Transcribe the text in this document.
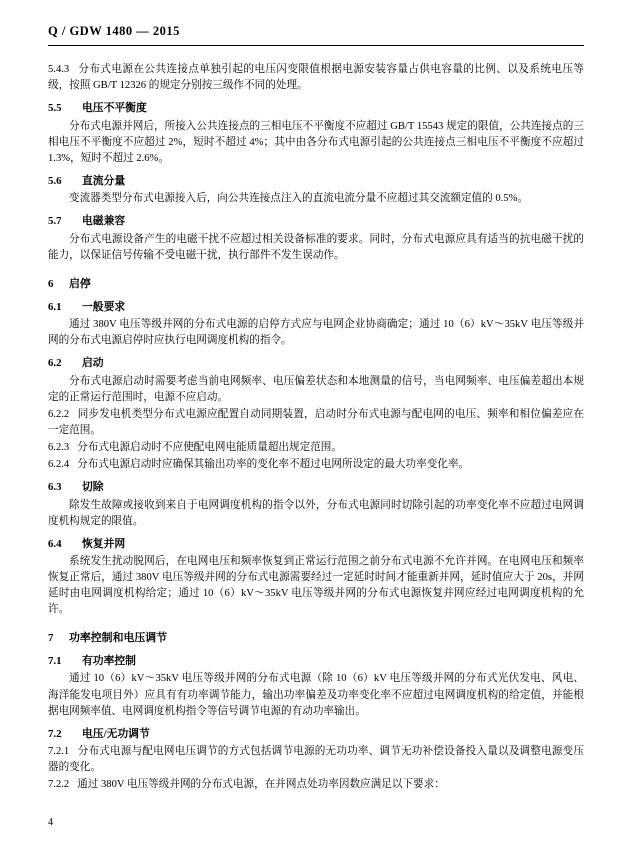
Q / GDW 1480 — 2015

5.4.3 分布式电源在公共连接点单独引起的电压闪变限值根据电源安装容量占供电容量的比例、以及系统电压等级，按照 GB/T 12326 的规定分别按三级作不同的处理。

5.5 电压不平衡度

分布式电源并网后，所接入公共连接点的三相电压不平衡度不应超过 GB/T 15543 规定的限值，公共连接点的三相电压不平衡度不应超过 2%，短时不超过 4%；其中由各分布式电源引起的公共连接点三相电压不平衡度不应超过 1.3%，短时不超过 2.6%。

5.6 直流分量

变流器类型分布式电源接入后，向公共连接点注入的直流电流分量不应超过其交流额定值的 0.5%。

5.7 电磁兼容

分布式电源设备产生的电磁干扰不应超过相关设备标准的要求。同时，分布式电源应具有适当的抗电磁干扰的能力，以保证信号传输不受电磁干扰，执行部件不发生误动作。

6 启停
6.1 一般要求

通过 380V 电压等级并网的分布式电源的启停方式应与电网企业协商确定；通过 10（6）kV～35kV 电压等级并网的分布式电源启停时应执行电网调度机构的指令。

6.2 启动

分布式电源启动时需要考虑当前电网频率、电压偏差状态和本地测量的信号，当电网频率、电压偏差超出本规定的正常运行范围时，电源不应启动。

6.2.2 同步发电机类型分布式电源应配置自动同期装置，启动时分布式电源与配电网的电压、频率和相位偏差应在一定范围。

6.2.3 分布式电源启动时不应使配电网电能质量超出规定范围。

6.2.4 分布式电源启动时应确保其输出功率的变化率不超过电网所设定的最大功率变化率。

6.3 切除

除发生故障或接收到来自于电网调度机构的指令以外，分布式电源同时切除引起的功率变化率不应超过电网调度机构规定的限值。

6.4 恢复并网

系统发生扰动脱网后，在电网电压和频率恢复到正常运行范围之前分布式电源不允许并网。在电网电压和频率恢复正常后，通过 380V 电压等级并网的分布式电源需要经过一定延时时间才能重新并网，延时值应大于 20s，并网延时由电网调度机构给定；通过 10（6）kV～35kV 电压等级并网的分布式电源恢复并网应经过电网调度机构的允许。

7 功率控制和电压调节
7.1 有功率控制

通过 10（6）kV～35kV 电压等级并网的分布式电源（除 10（6）kV 电压等级并网的分布式光伏发电、风电、海洋能发电项目外）应具有有功率调节能力，输出功率偏差及功率变化率不应超过电网调度机构的给定值，并能根据电网频率值、电网调度机构指令等信号调节电源的有动功率输出。

7.2 电压/无功调节

7.2.1 分布式电源与配电网电压调节的方式包括调节电源的无功功率、调节无功补偿设备投入量以及调整电源变压器的变化。

7.2.2 通过 380V 电压等级并网的分布式电源，在并网点处功率因数应满足以下要求：

4
